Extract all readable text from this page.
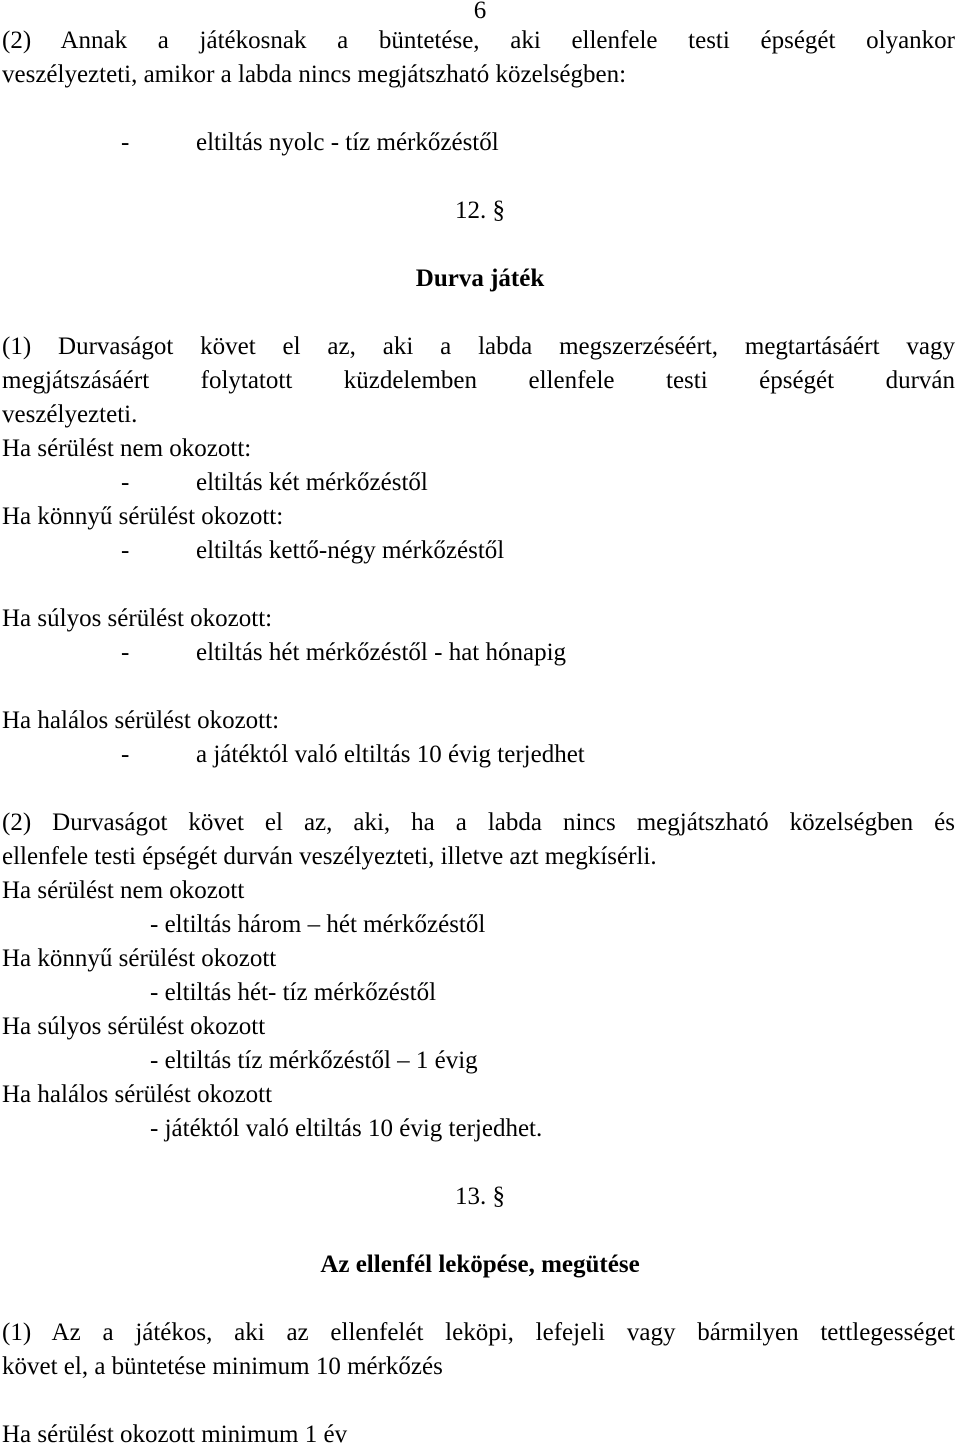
6
(2) Annak a játékosnak a büntetése, aki ellenfele testi épségét olyankor
veszélyezteti, amikor a labda nincs megjátszható közelségben:
-	eltiltás nyolc - tíz mérkőzéstől
12. §
Durva játék
(1) Durvaságot követ el az, aki a labda megszerzéséért, megtartásáért vagy
megjátszásáért folytatott küzdelemben ellenfele testi épségét durván
veszélyezteti.
Ha sérülést nem okozott:
-	eltiltás két mérkőzéstől
Ha könnyű sérülést okozott:
-	eltiltás kettő-négy mérkőzéstől
Ha súlyos sérülést okozott:
-	eltiltás hét mérkőzéstől - hat hónapig
Ha halálos sérülést okozott:
-	a játéktól való eltiltás 10 évig terjedhet
(2) Durvaságot követ el az, aki, ha a labda nincs megjátszható közelségben és
ellenfele testi épségét durván veszélyezteti, illetve azt megkísérli.
Ha sérülést nem okozott
- eltiltás három – hét mérkőzéstől
Ha könnyű sérülést okozott
- eltiltás hét- tíz mérkőzéstől
Ha súlyos sérülést okozott
- eltiltás tíz mérkőzéstől – 1 évig
Ha halálos sérülést okozott
- játéktól való eltiltás 10 évig terjedhet.
13. §
Az ellenfél leköpése, megütése
(1) Az a játékos, aki az ellenfelét leköpi, lefejeli vagy bármilyen tettlegességet
követ el, a büntetése minimum 10 mérkőzés
Ha sérülést okozott minimum 1 év
